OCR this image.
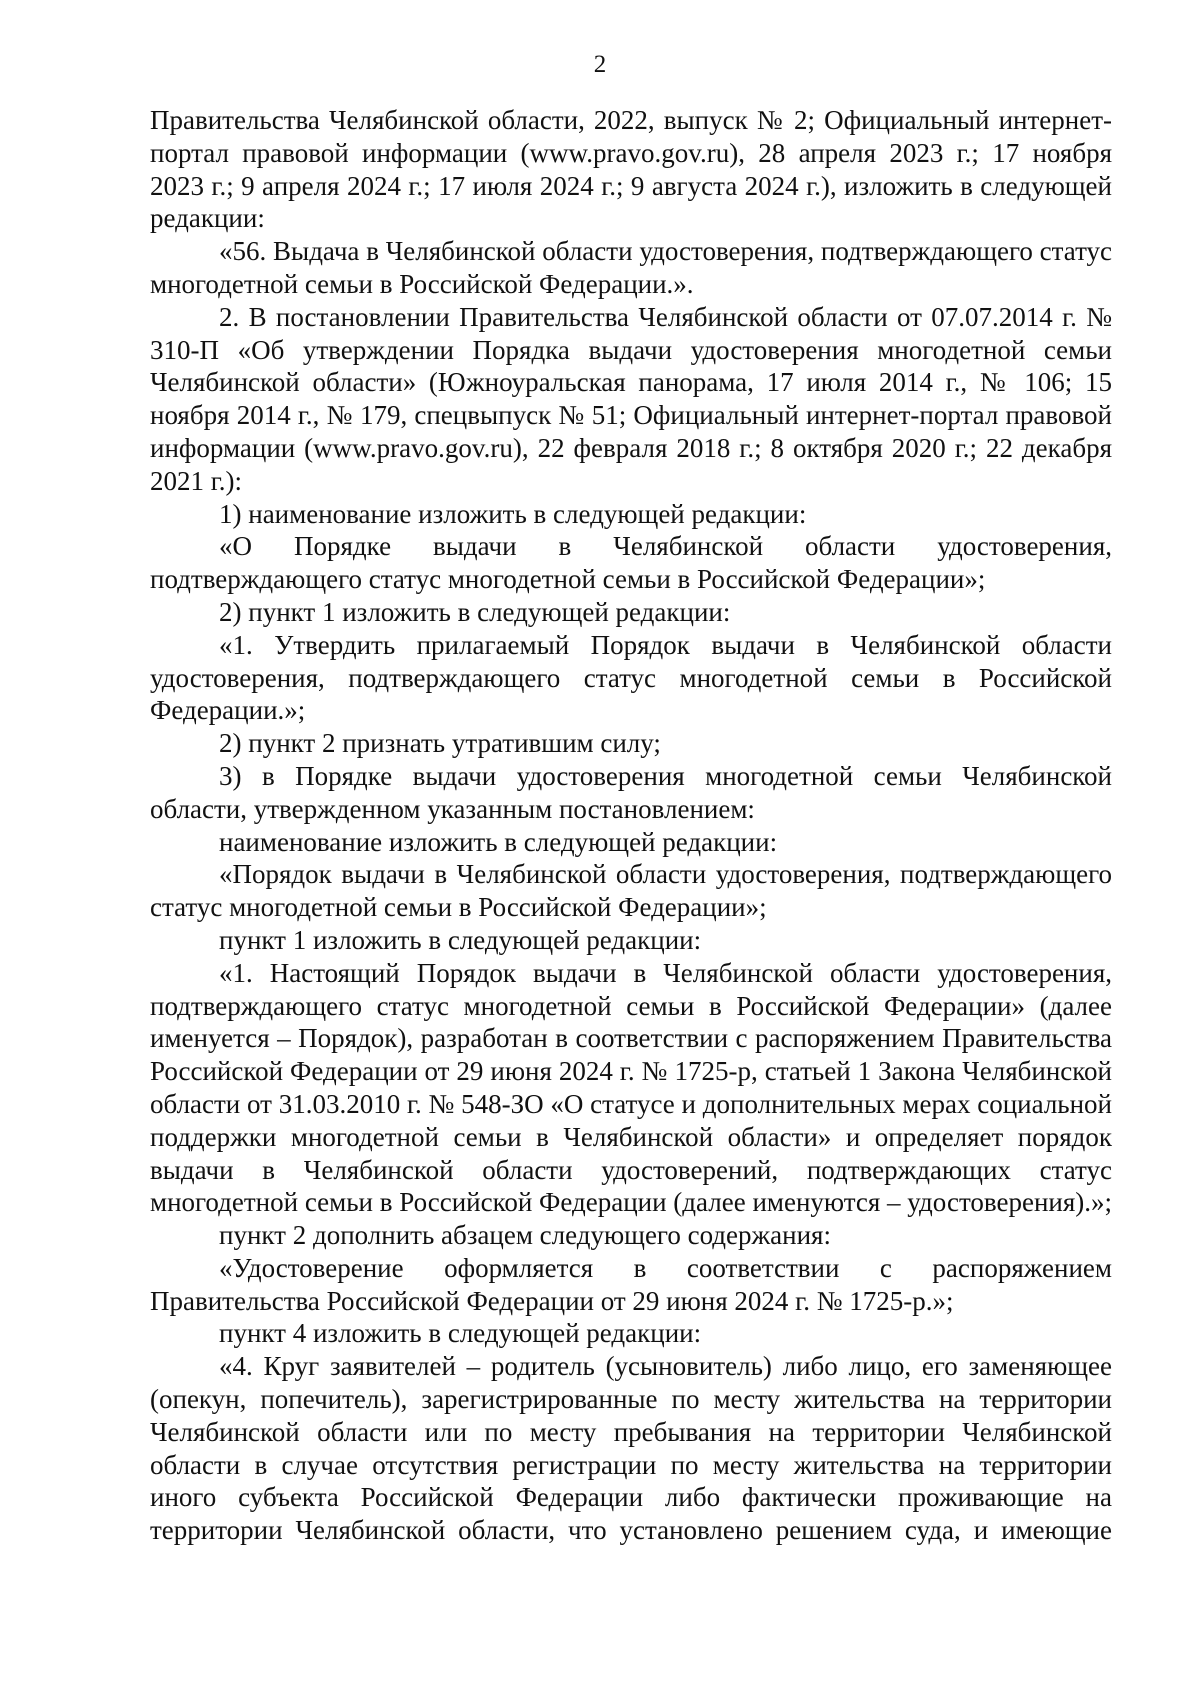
2

Правительства Челябинской области, 2022, выпуск № 2; Официальный интернет-портал правовой информации (www.pravo.gov.ru), 28 апреля 2023 г.; 17 ноября 2023 г.; 9 апреля 2024 г.; 17 июля 2024 г.; 9 августа 2024 г.), изложить в следующей редакции:

«56. Выдача в Челябинской области удостоверения, подтверждающего статус многодетной семьи в Российской Федерации.».

2. В постановлении Правительства Челябинской области от 07.07.2014 г. № 310-П «Об утверждении Порядка выдачи удостоверения многодетной семьи Челябинской области» (Южноуральская панорама, 17 июля 2014 г., № 106; 15 ноября 2014 г., № 179, спецвыпуск № 51; Официальный интернет-портал правовой информации (www.pravo.gov.ru), 22 февраля 2018 г.; 8 октября 2020 г.; 22 декабря 2021 г.):

1) наименование изложить в следующей редакции:

«О Порядке выдачи в Челябинской области удостоверения, подтверждающего статус многодетной семьи в Российской Федерации»;

2) пункт 1 изложить в следующей редакции:

«1. Утвердить прилагаемый Порядок выдачи в Челябинской области удостоверения, подтверждающего статус многодетной семьи в Российской Федерации.»;

2) пункт 2 признать утратившим силу;

3) в Порядке выдачи удостоверения многодетной семьи Челябинской области, утвержденном указанным постановлением:

наименование изложить в следующей редакции:

«Порядок выдачи в Челябинской области удостоверения, подтверждающего статус многодетной семьи в Российской Федерации»;

пункт 1 изложить в следующей редакции:

«1. Настоящий Порядок выдачи в Челябинской области удостоверения, подтверждающего статус многодетной семьи в Российской Федерации» (далее именуется – Порядок), разработан в соответствии с распоряжением Правительства Российской Федерации от 29 июня 2024 г. № 1725-р, статьей 1 Закона Челябинской области от 31.03.2010 г. № 548-ЗО «О статусе и дополнительных мерах социальной поддержки многодетной семьи в Челябинской области» и определяет порядок выдачи в Челябинской области удостоверений, подтверждающих статус многодетной семьи в Российской Федерации (далее именуются – удостоверения).»;

пункт 2 дополнить абзацем следующего содержания:

«Удостоверение оформляется в соответствии с распоряжением Правительства Российской Федерации от 29 июня 2024 г. № 1725-р.»;

пункт 4 изложить в следующей редакции:

«4. Круг заявителей – родитель (усыновитель) либо лицо, его заменяющее (опекун, попечитель), зарегистрированные по месту жительства на территории Челябинской области или по месту пребывания на территории Челябинской области в случае отсутствия регистрации по месту жительства на территории иного субъекта Российской Федерации либо фактически проживающие на территории Челябинской области, что установлено решением суда, и имеющие
